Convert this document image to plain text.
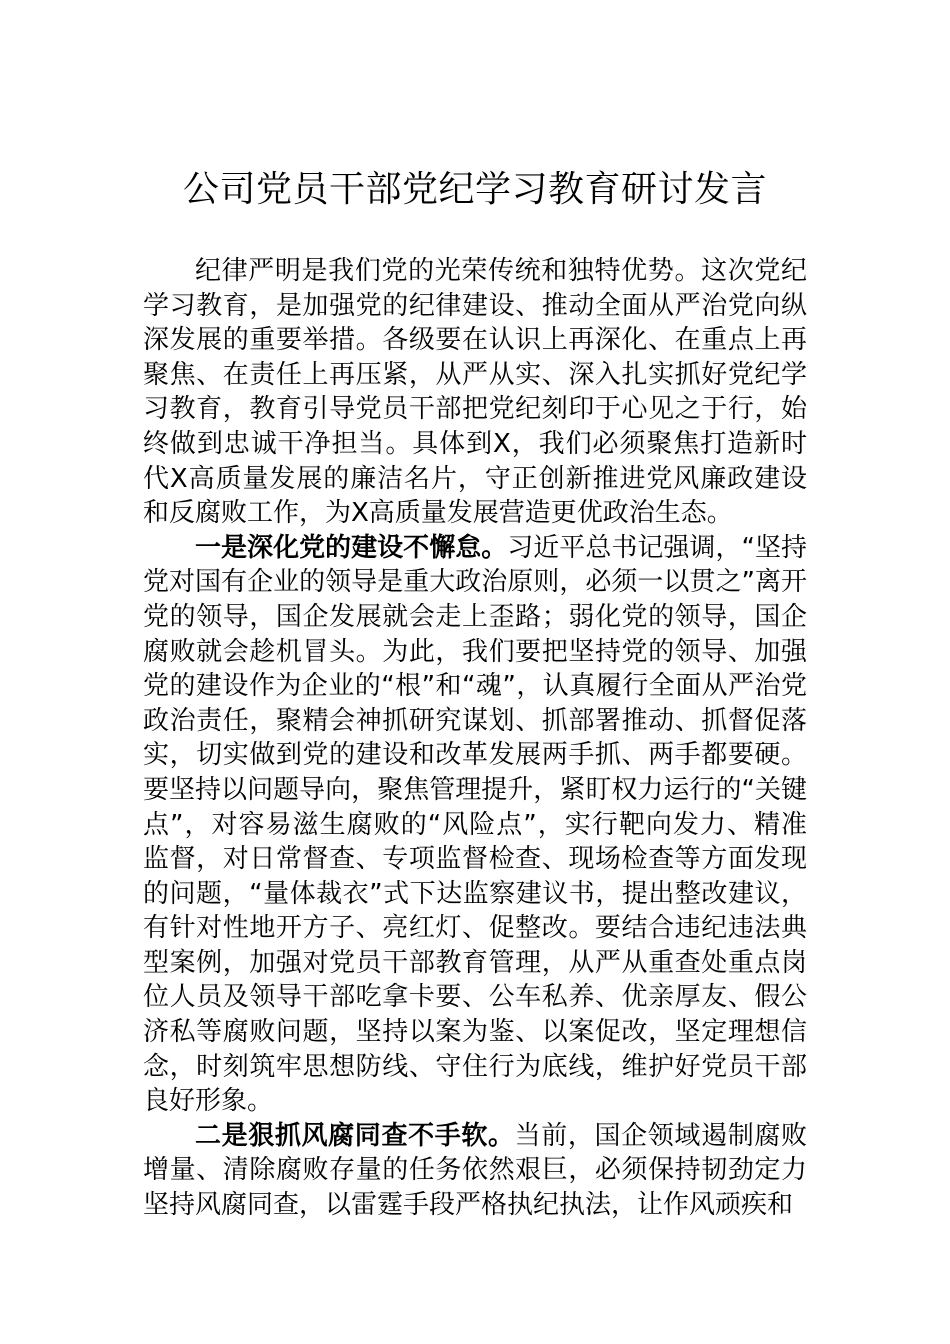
公司党员干部党纪学习教育研讨发言

纪律严明是我们党的光荣传统和独特优势。这次党纪学习教育，是加强党的纪律建设、推动全面从严治党向纵深发展的重要举措。各级要在认识上再深化、在重点上再聚焦、在责任上再压紧，从严从实、深入扎实抓好党纪学习教育，教育引导党员干部把党纪刻印于心见之于行，始终做到忠诚干净担当。具体到X，我们必须聚焦打造新时代X高质量发展的廉洁名片，守正创新推进党风廉政建设和反腐败工作，为X高质量发展营造更优政治生态。

一是深化党的建设不懈怠。习近平总书记强调，“坚持党对国有企业的领导是重大政治原则，必须一以贯之”离开党的领导，国企发展就会走上歪路；弱化党的领导，国企腐败就会趁机冒头。为此，我们要把坚持党的领导、加强党的建设作为企业的“根”和“魂”，认真履行全面从严治党政治责任，聚精会神抓研究谋划、抓部署推动、抓督促落实，切实做到党的建设和改革发展两手抓、两手都要硬。要坚持以问题导向，聚焦管理提升，紧盯权力运行的“关键点”，对容易滋生腐败的“风险点”，实行靶向发力、精准监督，对日常督查、专项监督检查、现场检查等方面发现的问题，“量体裁衣”式下达监察建议书，提出整改建议，有针对性地开方子、亮红灯、促整改。要结合违纪违法典型案例，加强对党员干部教育管理，从严从重查处重点岗位人员及领导干部吃拿卡要、公车私养、优亲厚友、假公济私等腐败问题，坚持以案为鉴、以案促改，坚定理想信念，时刻筑牢思想防线、守住行为底线，维护好党员干部良好形象。

二是狠抓风腐同查不手软。当前，国企领域遏制腐败增量、清除腐败存量的任务依然艰巨，必须保持韧劲定力坚持风腐同查，以雷霆手段严格执纪执法，让作风顽疾和
